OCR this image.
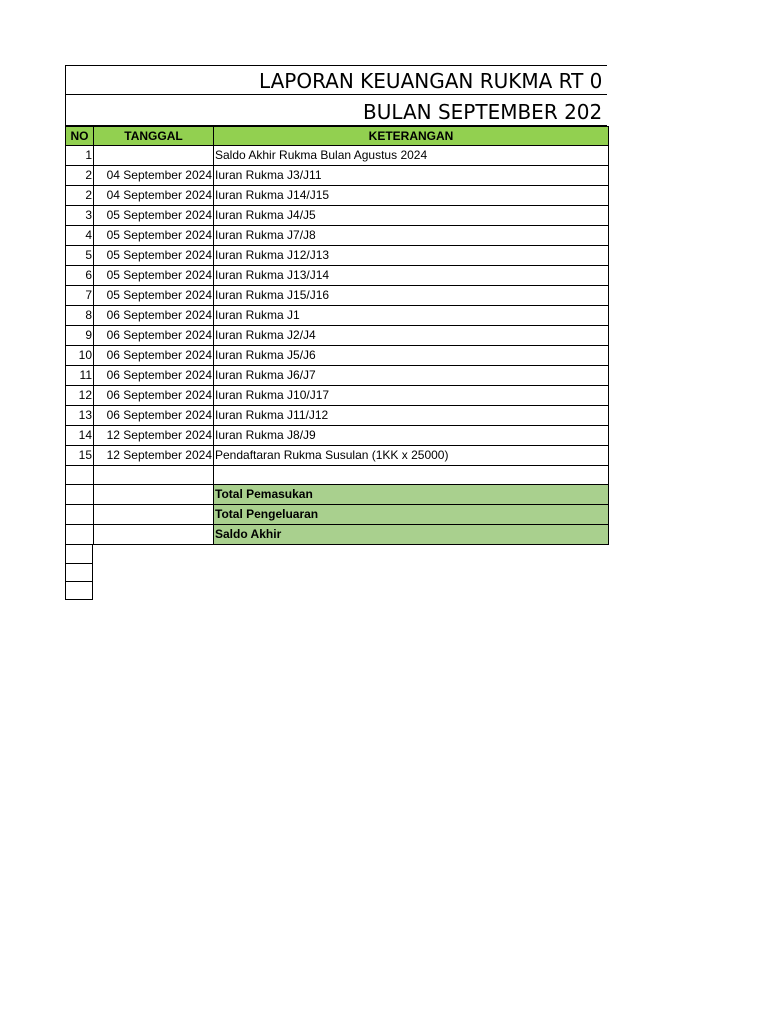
LAPORAN KEUANGAN RUKMA RT 0
BULAN SEPTEMBER 202
NO	TANGGAL	KETERANGAN
1		Saldo Akhir Rukma Bulan Agustus 2024
2	04 September 2024	Iuran Rukma J3/J11
2	04 September 2024	Iuran Rukma J14/J15
3	05 September 2024	Iuran Rukma J4/J5
4	05 September 2024	Iuran Rukma J7/J8
5	05 September 2024	Iuran Rukma J12/J13
6	05 September 2024	Iuran Rukma J13/J14
7	05 September 2024	Iuran Rukma J15/J16
8	06 September 2024	Iuran Rukma J1
9	06 September 2024	Iuran Rukma J2/J4
10	06 September 2024	Iuran Rukma J5/J6
11	06 September 2024	Iuran Rukma J6/J7
12	06 September 2024	Iuran Rukma J10/J17
13	06 September 2024	Iuran Rukma J11/J12
14	12 September 2024	Iuran Rukma J8/J9
15	12 September 2024	Pendaftaran Rukma Susulan (1KK x 25000)

		Total Pemasukan
		Total Pengeluaran
		Saldo Akhir
